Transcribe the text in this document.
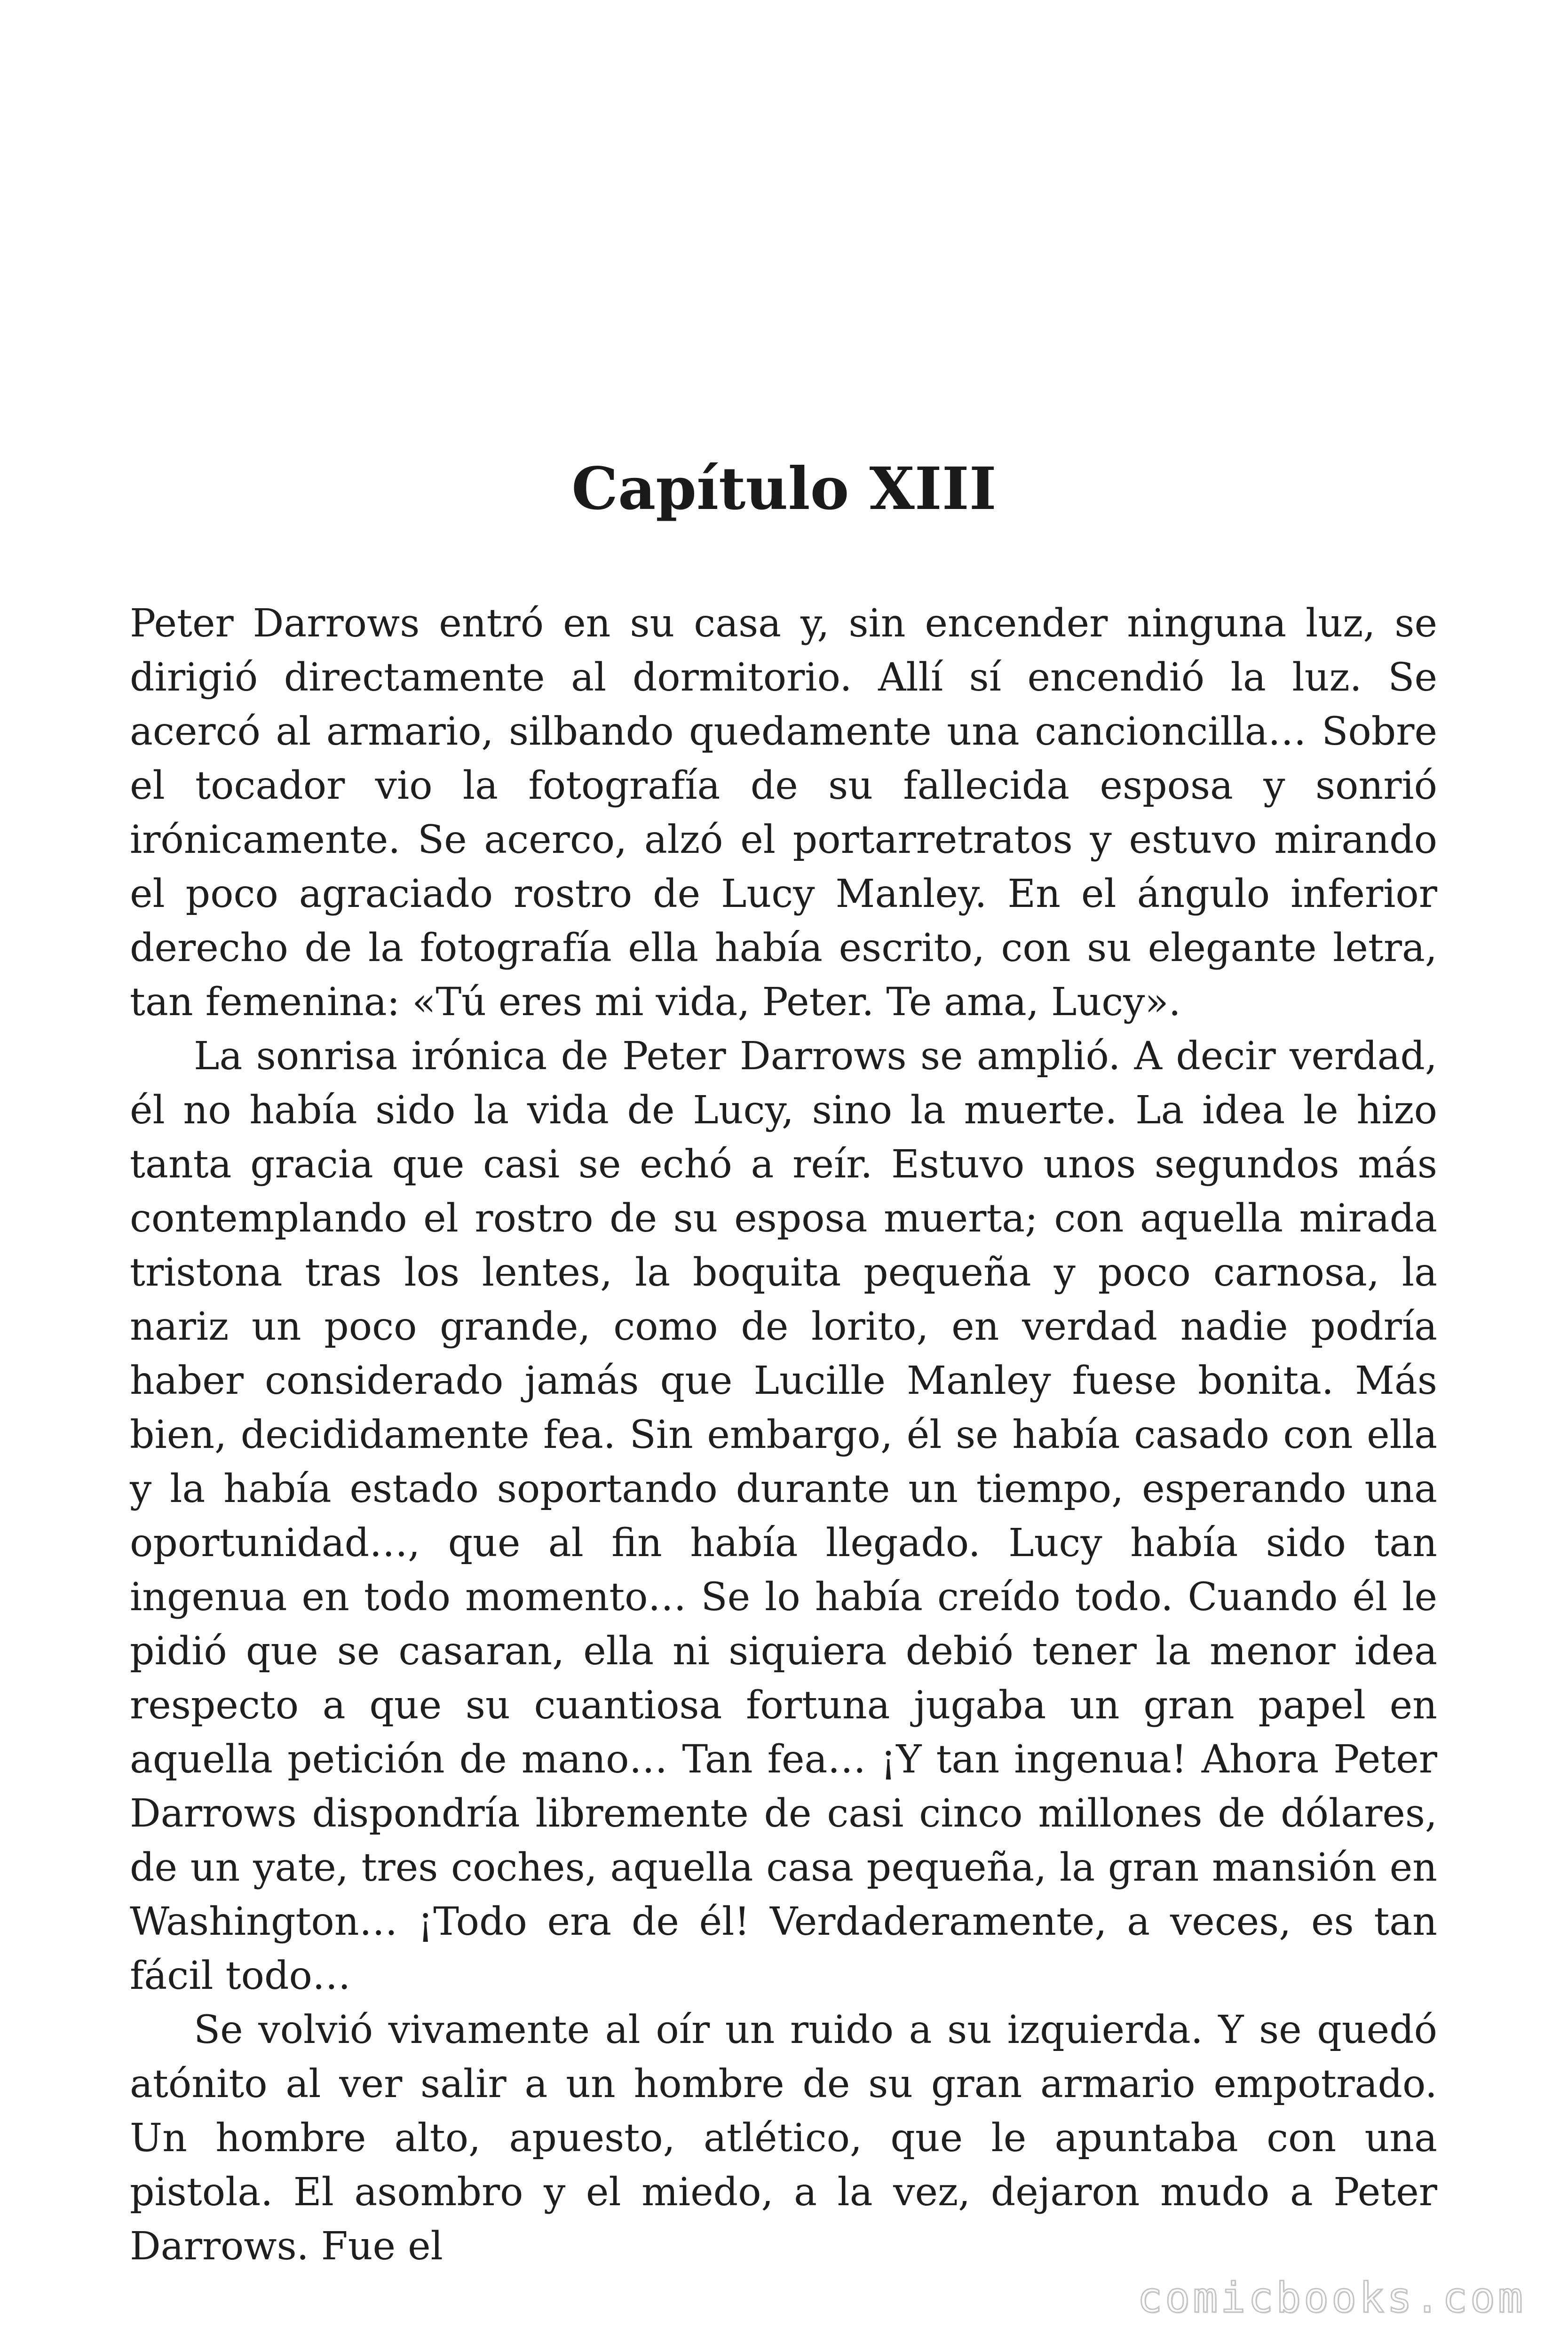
Capítulo XIII

Peter Darrows entró en su casa y, sin encender ninguna luz, se dirigió directamente al dormitorio. Allí sí encendió la luz. Se acercó al armario, silbando quedamente una cancioncilla… Sobre el tocador vio la fotografía de su fallecida esposa y sonrió irónicamente. Se acerco, alzó el portarretratos y estuvo mirando el poco agraciado rostro de Lucy Manley. En el ángulo inferior derecho de la fotografía ella había escrito, con su elegante letra, tan femenina: «Tú eres mi vida, Peter. Te ama, Lucy».

La sonrisa irónica de Peter Darrows se amplió. A decir verdad, él no había sido la vida de Lucy, sino la muerte. La idea le hizo tanta gracia que casi se echó a reír. Estuvo unos segundos más contemplando el rostro de su esposa muerta; con aquella mirada tristona tras los lentes, la boquita pequeña y poco carnosa, la nariz un poco grande, como de lorito, en verdad nadie podría haber considerado jamás que Lucille Manley fuese bonita. Más bien, decididamente fea. Sin embargo, él se había casado con ella y la había estado soportando durante un tiempo, esperando una oportunidad…, que al fin había llegado. Lucy había sido tan ingenua en todo momento… Se lo había creído todo. Cuando él le pidió que se casaran, ella ni siquiera debió tener la menor idea respecto a que su cuantiosa fortuna jugaba un gran papel en aquella petición de mano… Tan fea… ¡Y tan ingenua! Ahora Peter Darrows dispondría libremente de casi cinco millones de dólares, de un yate, tres coches, aquella casa pequeña, la gran mansión en Washington… ¡Todo era de él! Verdaderamente, a veces, es tan fácil todo…

Se volvió vivamente al oír un ruido a su izquierda. Y se quedó atónito al ver salir a un hombre de su gran armario empotrado. Un hombre alto, apuesto, atlético, que le apuntaba con una pistola. El asombro y el miedo, a la vez, dejaron mudo a Peter Darrows. Fue el

comicbooks.com
